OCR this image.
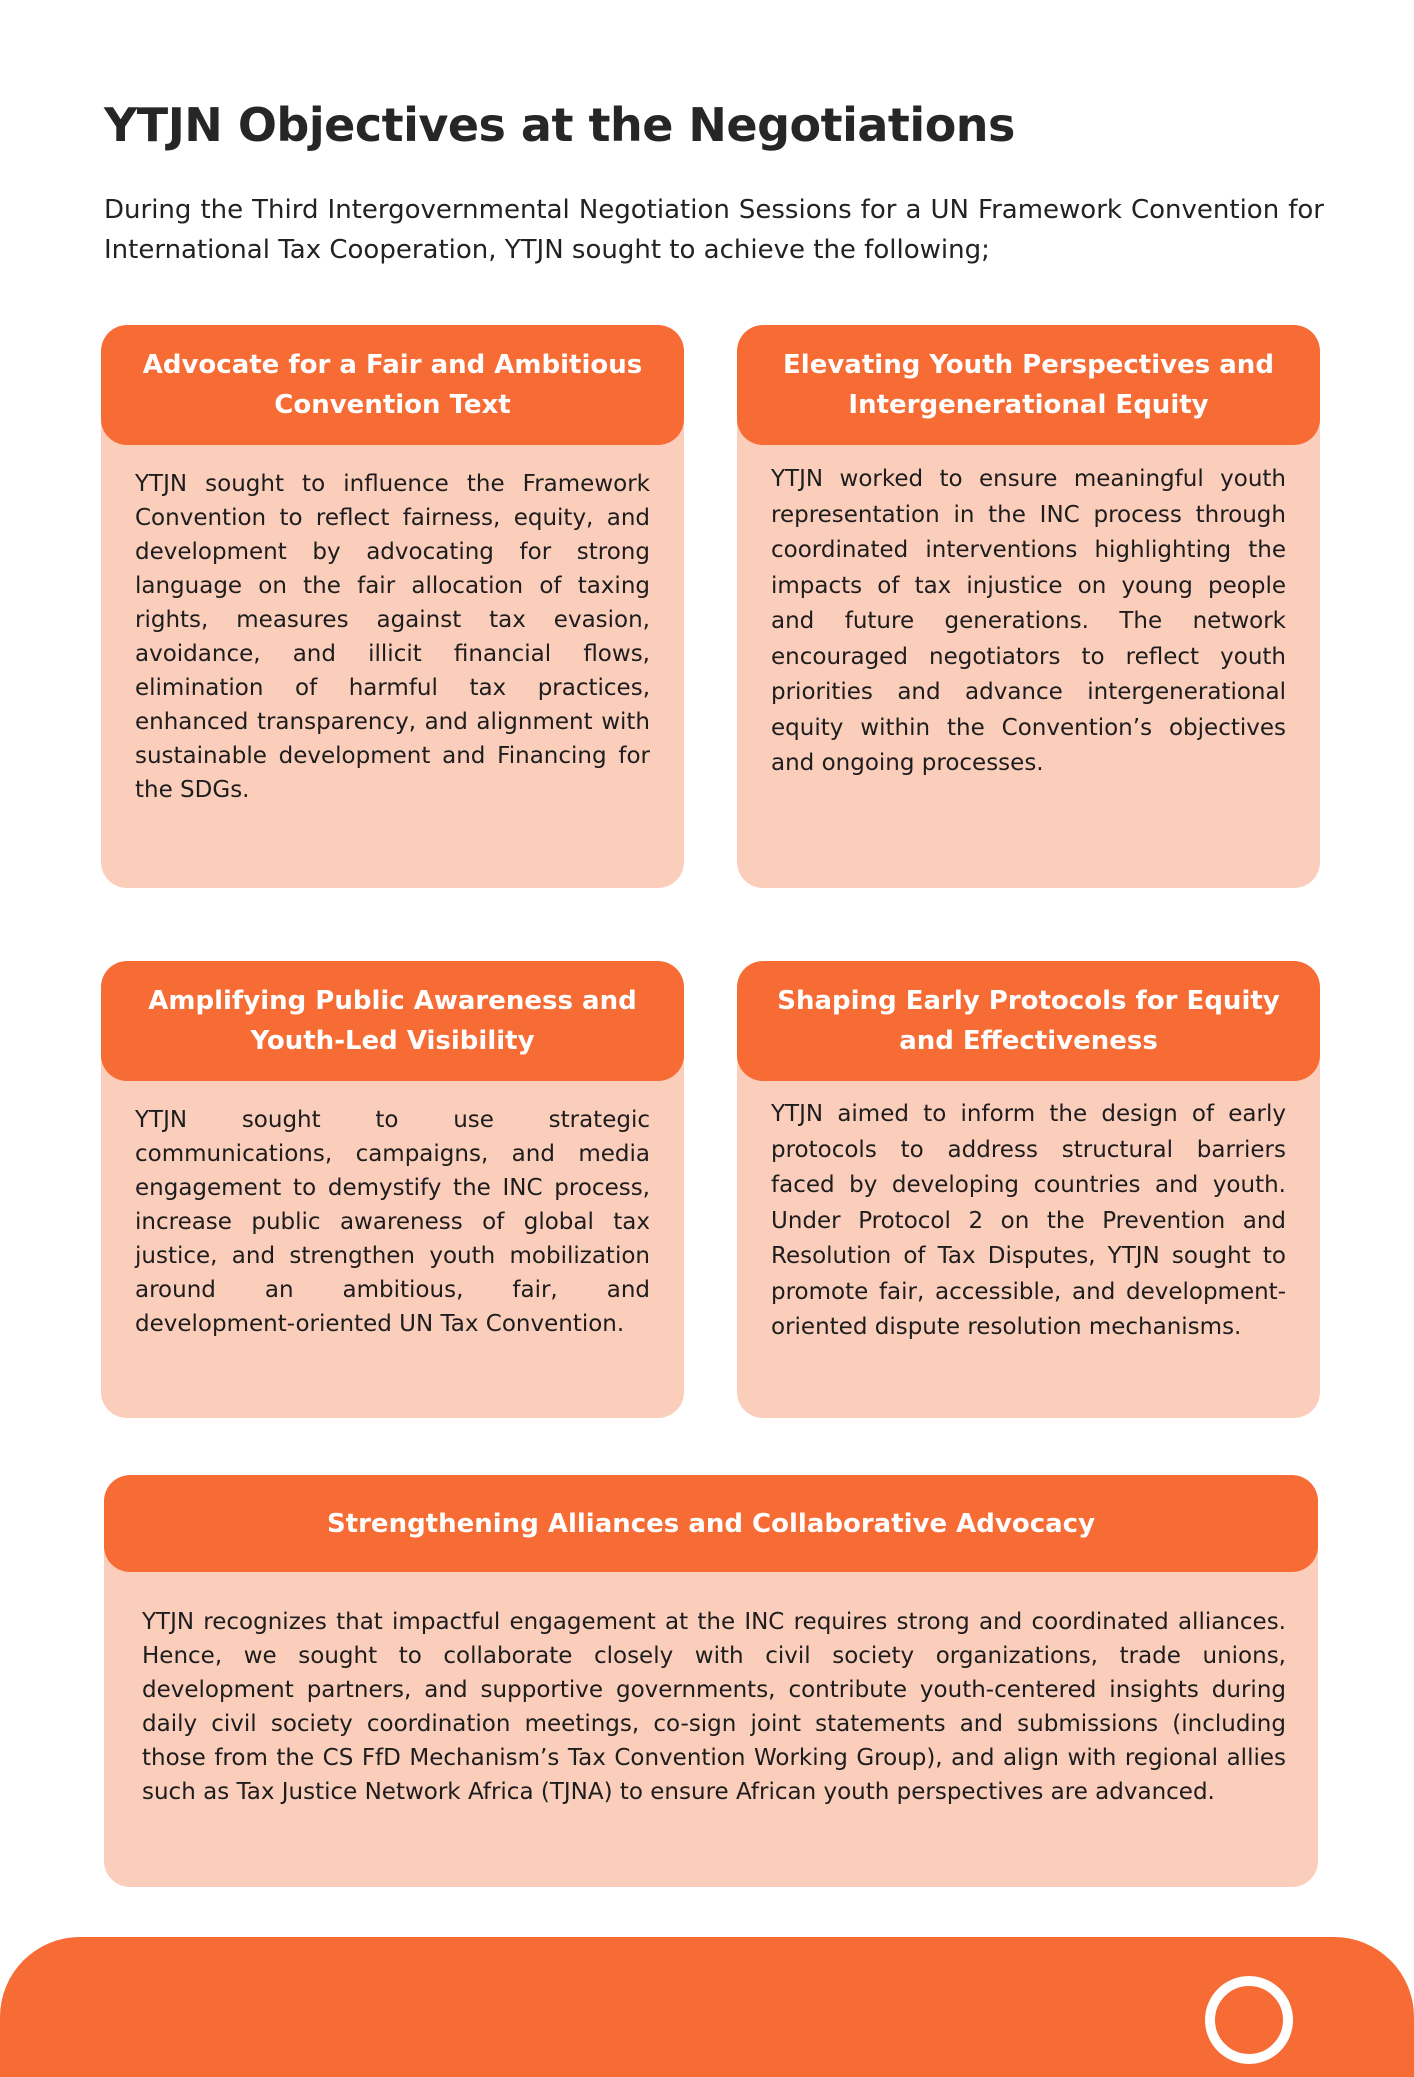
YTJN Objectives at the Negotiations

During the Third Intergovernmental Negotiation Sessions for a UN Framework Convention for International Tax Cooperation, YTJN sought to achieve the following;

Advocate for a Fair and Ambitious Convention Text
YTJN sought to influence the Framework Convention to reflect fairness, equity, and development by advocating for strong language on the fair allocation of taxing rights, measures against tax evasion, avoidance, and illicit financial flows, elimination of harmful tax practices, enhanced transparency, and alignment with sustainable development and Financing for the SDGs.
Elevating Youth Perspectives and Intergenerational Equity
YTJN worked to ensure meaningful youth representation in the INC process through coordinated interventions highlighting the impacts of tax injustice on young people and future generations. The network encouraged negotiators to reflect youth priorities and advance intergenerational equity within the Convention’s objectives and ongoing processes.
Amplifying Public Awareness and Youth-Led Visibility
YTJN sought to use strategic communications, campaigns, and media engagement to demystify the INC process, increase public awareness of global tax justice, and strengthen youth mobilization around an ambitious, fair, and development-oriented UN Tax Convention.
Shaping Early Protocols for Equity and Effectiveness
YTJN aimed to inform the design of early protocols to address structural barriers faced by developing countries and youth. Under Protocol 2 on the Prevention and Resolution of Tax Disputes, YTJN sought to promote fair, accessible, and development-oriented dispute resolution mechanisms.
Strengthening Alliances and Collaborative Advocacy
YTJN recognizes that impactful engagement at the INC requires strong and coordinated alliances. Hence, we sought to collaborate closely with civil society organizations, trade unions, development partners, and supportive governments, contribute youth-centered insights during daily civil society coordination meetings, co-sign joint statements and submissions (including those from the CS FfD Mechanism’s Tax Convention Working Group), and align with regional allies such as Tax Justice Network Africa (TJNA) to ensure African youth perspectives are advanced.
